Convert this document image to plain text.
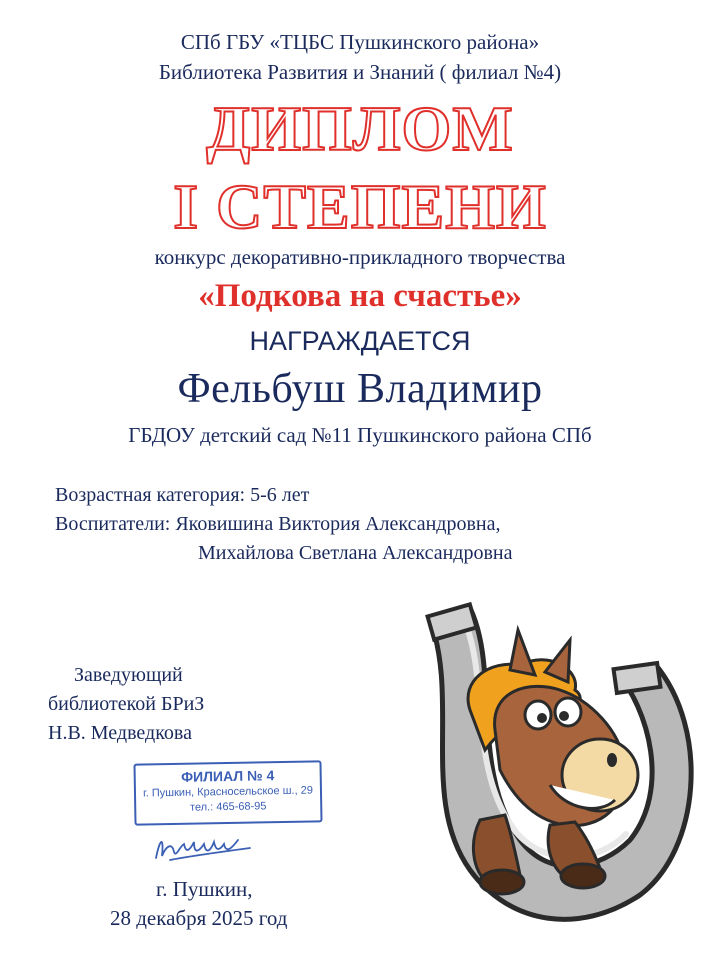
СПб ГБУ «ТЦБС Пушкинского района»
Библиотека Развития и Знаний ( филиал №4)
ДИПЛОМ
I СТЕПЕНИ
конкурс декоративно-прикладного творчества
«Подкова на счастье»
НАГРАЖДАЕТСЯ
Фельбуш Владимир
ГБДОУ детский сад №11 Пушкинского района СПб
Возрастная категория: 5-6 лет
Воспитатели: Яковишина Виктория Александровна,
Михайлова Светлана Александровна
Заведующий
библиотекой БРиЗ
Н.В. Медведкова
ФИЛИАЛ № 4
г. Пушкин, Красносельское ш., 29
тел.: 465-68-95
г. Пушкин,
28 декабря 2025 год
